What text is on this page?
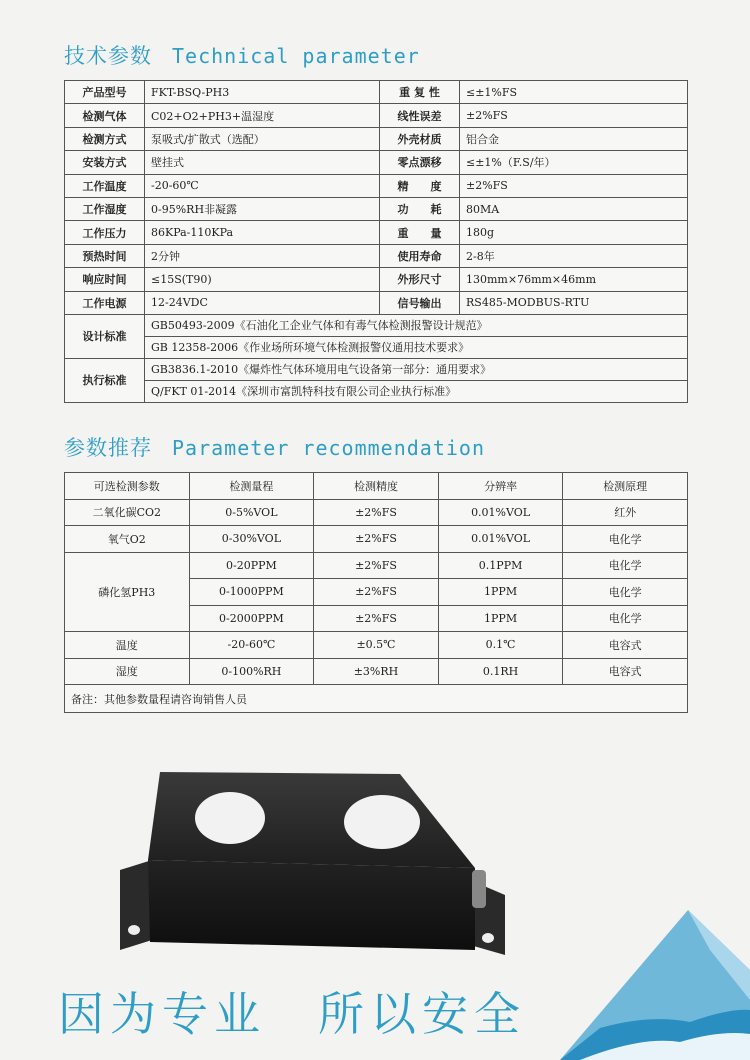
技术参数 Technical parameter
产品型号	FKT-BSQ-PH3	重 复 性	≤±1%FS
检测气体	C02+O2+PH3+温湿度	线性误差	±2%FS
检测方式	泵吸式/扩散式（选配）	外壳材质	铝合金
安装方式	壁挂式	零点漂移	≤±1%（F.S/年）
工作温度	-20-60℃	精　　度	±2%FS
工作湿度	0-95%RH非凝露	功　　耗	80MA
工作压力	86KPa-110KPa	重　　量	180g
预热时间	2分钟	使用寿命	2-8年
响应时间	≤15S(T90)	外形尺寸	130mm×76mm×46mm
工作电源	12-24VDC	信号输出	RS485-MODBUS-RTU
设计标准	GB50493-2009《石油化工企业气体和有毒气体检测报警设计规范》		
	GB 12358-2006《作业场所环境气体检测报警仪通用技术要求》		
执行标准	GB3836.1-2010《爆炸性气体环境用电气设备第一部分：通用要求》		
	Q/FKT 01-2014《深圳市富凯特科技有限公司企业执行标准》		
参数推荐 Parameter recommendation
可选检测参数	检测量程	检测精度	分辨率	检测原理
二氧化碳CO2	0-5%VOL	±2%FS	0.01%VOL	红外
氧气O2	0-30%VOL	±2%FS	0.01%VOL	电化学
磷化氢PH3	0-20PPM	±2%FS	0.1PPM	电化学
	0-1000PPM	±2%FS	1PPM	电化学
	0-2000PPM	±2%FS	1PPM	电化学
温度	-20-60℃	±0.5℃	0.1℃	电容式
湿度	0-100%RH	±3%RH	0.1RH	电容式
备注：其他参数量程请咨询销售人员				
因为专业 所以安全
